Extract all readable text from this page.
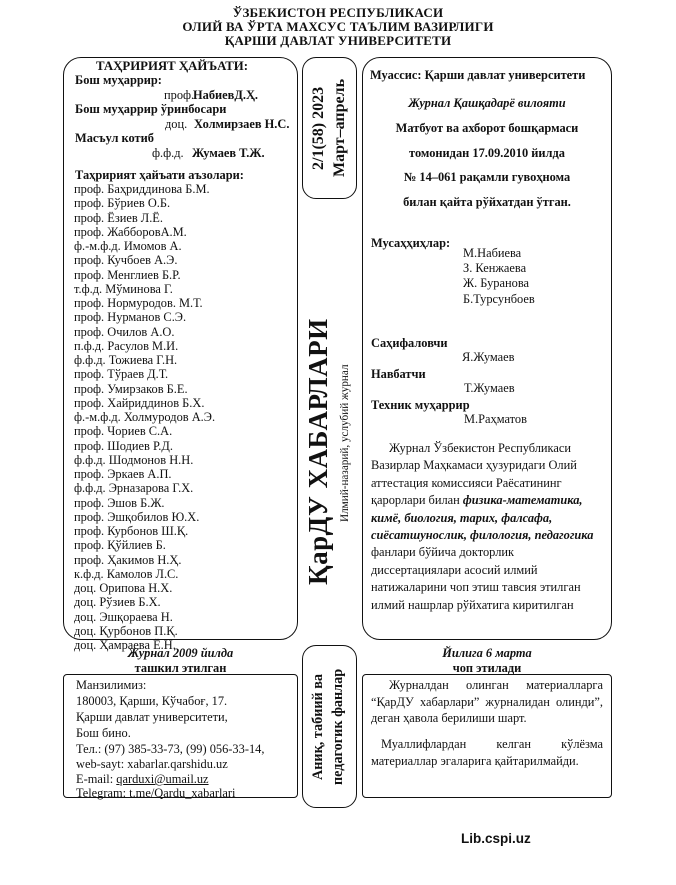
ЎЗБЕКИСТОН РЕСПУБЛИКАСИ
ОЛИЙ ВА ЎРТА МАХСУС ТАЪЛИМ ВАЗИРЛИГИ
ҚАРШИ ДАВЛАТ УНИВЕРСИТЕТИ
ТАҲРИРИЯТ ҲАЙЪАТИ:
Бош муҳаррир:
проф.
НабиевД.Ҳ.
Бош муҳаррир ўринбосари
доц. Холмирзаев Н.С.
Масъул котиб
ф.ф.д. Жумаев Т.Ж.
Таҳририят ҳайъати аъзолари:
проф. Баҳриддинова Б.М.
проф. Бўриев О.Б.
проф. Ёзиев Л.Ё.
проф. ЖабборовА.М.
ф.-м.ф.д. Имомов А.
проф. Кучбоев А.Э.
проф. Менглиев Б.Р.
т.ф.д. Мўминова Г.
проф. Нормуродов. М.Т.
проф. Нурманов С.Э.
проф. Очилов А.О.
п.ф.д. Расулов М.И.
ф.ф.д. Тожиева Г.Н.
проф. Тўраев Д.Т.
проф. Умирзаков Б.Е.
проф. Хайриддинов Б.Х.
ф.-м.ф.д. Холмуродов А.Э.
проф. Чориев С.А.
проф. Шодиев Р.Д.
ф.ф.д. Шодмонов Н.Н.
проф. Эркаев А.П.
ф.ф.д. Эрназарова Г.Х.
проф. Эшов Б.Ж.
проф. Эшқобилов Ю.Х.
проф. Курбонов Ш.Қ.
проф. Қўйлиев Б.
проф. Ҳакимов Н.Ҳ.
к.ф.д. Камолов Л.С.
доц. Орипова Н.Х.
доц. Рўзиев Б.Х.
доц. Эшқораева Н.
доц. Қурбонов П.Қ.
доц. Ҳамраева Ё.Н.
2/1(58) 2023 Март–апрель
ҚарДУ ХАБАРЛАРИ Илмий-назарий, услубий журнал
Аниқ, табиий ва педагогик фанлар
Муассис: Қарши давлат университети
Журнал Қашқадарё вилояти
Матбуот ва ахборот бошқармаси
томонидан 17.09.2010 йилда
№ 14–061 рақамли гувоҳнома
билан қайта рўйхатдан ўтган.
Мусаҳҳиҳлар:
М.Набиева
З. Кенжаева
Ж. Буранова
Б.Турсунбоев
Саҳифаловчи
Я.Жумаев
Навбатчи
Т.Жумаев
Техник муҳаррир
М.Раҳматов
Журнал Ўзбекистон Республикаси
Вазирлар Маҳкамаси ҳузуридаги Олий
аттестация комиссияси Раёсатининг
қарорлари билан физика-математика,
кимё, биология, тарих, фалсафа,
сиёсатшунослик, филология, педагогика
фанлари бўйича докторлик
диссертациялари асосий илмий
натижаларини чоп этиш тавсия этилган
илмий нашрлар рўйхатига киритилган
Журнал 2009 йилда
ташкил этилган
Манзилимиз:
180003, Қарши, Кўчабоғ, 17.
Қарши давлат университети,
Бош бино.
Тел.: (97) 385-33-73, (99) 056-33-14,
web-sayt: xabarlar.qarshidu.uz
E-mail: qarduxi@umail.uz
Telegram: t.me/Qardu_xabarlari
Йилига 6 марта
чоп этилади
Журналдан олинган материалларга “ҚарДУ хабарлари” журналидан олинди”, деган ҳавола берилиши шарт.
Муаллифлардан келган кўлёзма материаллар эгаларига қайтарилмайди.
Lib.cspi.uz
